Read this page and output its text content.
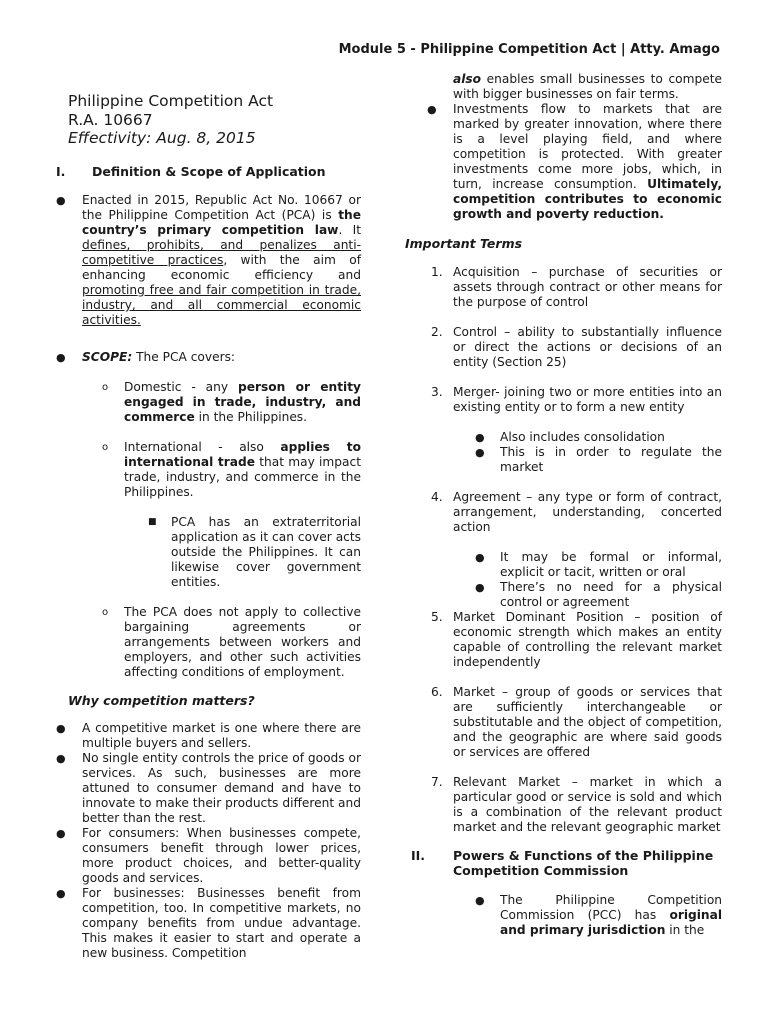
Module 5 - Philippine Competition Act | Atty. Amago

Philippine Competition Act

R.A. 10667

Effectivity: Aug. 8, 2015

I. Definition & Scope of Application
● Enacted in 2015, Republic Act No. 10667 or the Philippine Competition Act (PCA) is the country’s primary competition law. It defines, prohibits, and penalizes anti-competitive practices, with the aim of enhancing economic efficiency and promoting free and fair competition in trade, industry, and all commercial economic activities.
● SCOPE: The PCA covers:
o Domestic - any person or entity engaged in trade, industry, and commerce in the Philippines.
o International - also applies to international trade that may impact trade, industry, and commerce in the Philippines.
■ PCA has an extraterritorial application as it can cover acts outside the Philippines. It can likewise cover government entities.
o The PCA does not apply to collective bargaining agreements or arrangements between workers and employers, and other such activities affecting conditions of employment.

Why competition matters?

● A competitive market is one where there are multiple buyers and sellers.
● No single entity controls the price of goods or services. As such, businesses are more attuned to consumer demand and have to innovate to make their products different and better than the rest.
● For consumers: When businesses compete, consumers benefit through lower prices, more product choices, and better-quality goods and services.
● For businesses: Businesses benefit from competition, too. In competitive markets, no company benefits from undue advantage. This makes it easier to start and operate a new business. Competition
also enables small businesses to compete with bigger businesses on fair terms.
● Investments flow to markets that are marked by greater innovation, where there is a level playing field, and where competition is protected. With greater investments come more jobs, which, in turn, increase consumption. Ultimately, competition contributes to economic growth and poverty reduction.

Important Terms

1. Acquisition – purchase of securities or assets through contract or other means for the purpose of control
2. Control – ability to substantially influence or direct the actions or decisions of an entity (Section 25)
3. Merger- joining two or more entities into an existing entity or to form a new entity
● Also includes consolidation
● This is in order to regulate the market
4. Agreement – any type or form of contract, arrangement, understanding, concerted action
● It may be formal or informal, explicit or tacit, written or oral
● There’s no need for a physical control or agreement
5. Market Dominant Position – position of economic strength which makes an entity capable of controlling the relevant market independently
6. Market – group of goods or services that are sufficiently interchangeable or substitutable and the object of competition, and the geographic are where said goods or services are offered
7. Relevant Market – market in which a particular good or service is sold and which is a combination of the relevant product market and the relevant geographic market
II. Powers & Functions of the Philippine Competition Commission
● The Philippine Competition Commission (PCC) has original and primary jurisdiction in the
